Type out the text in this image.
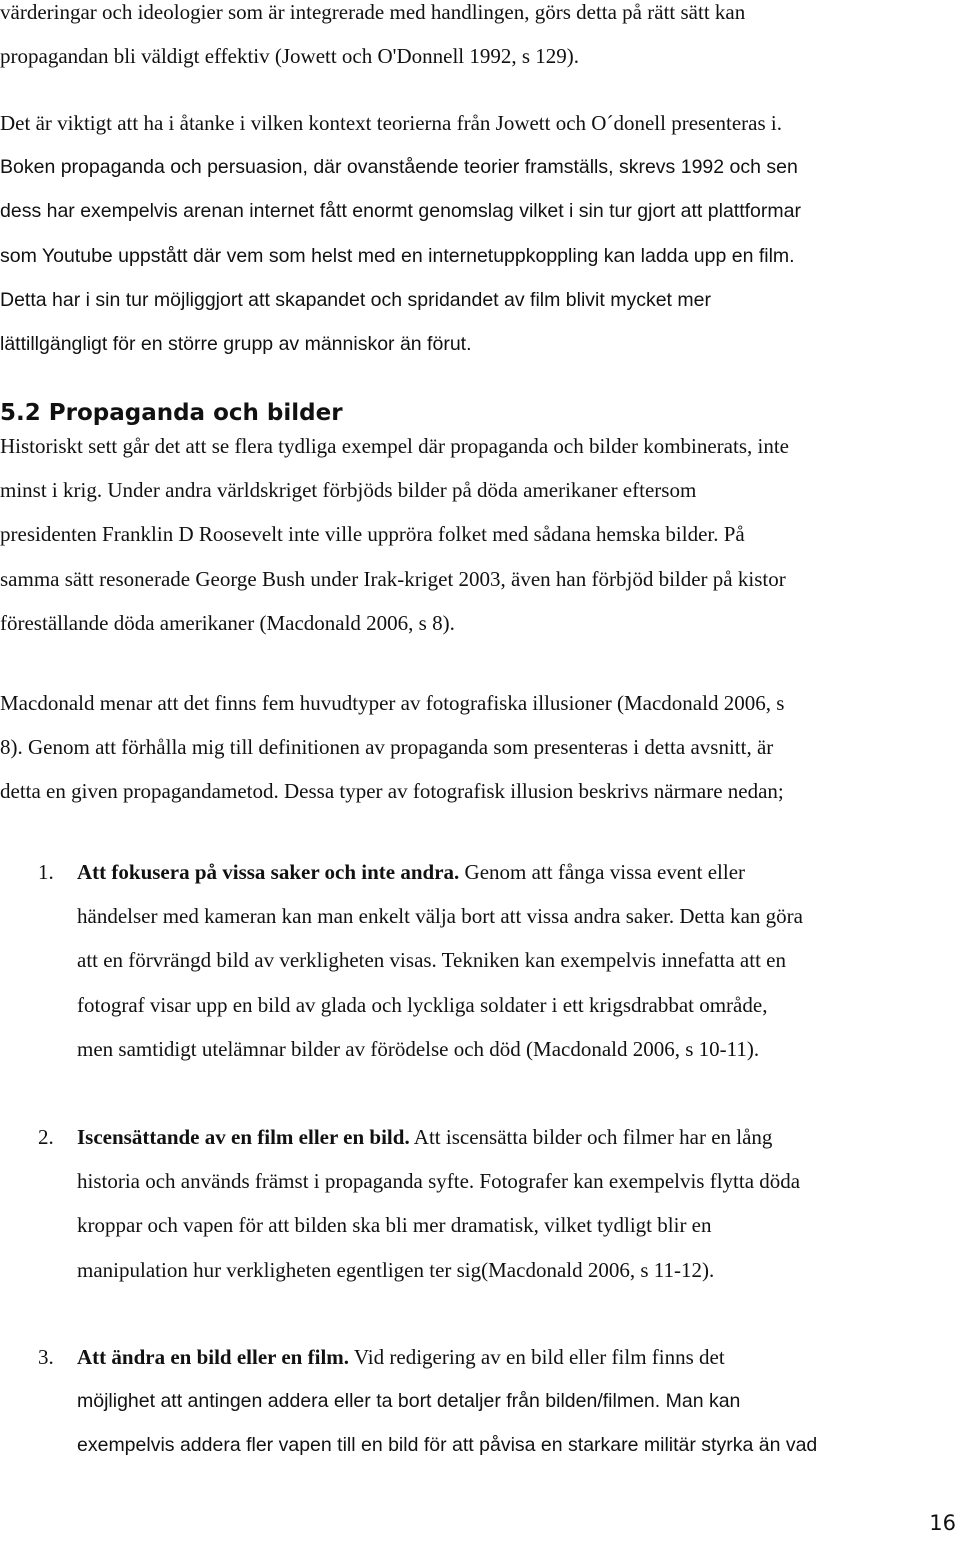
värderingar och ideologier som är integrerade med handlingen, görs detta på rätt sätt kan
propagandan bli väldigt effektiv (Jowett och O'Donnell 1992, s 129).

Det är viktigt att ha i åtanke i vilken kontext teorierna från Jowett och O´donell presenteras i.
Boken propaganda och persuasion, där ovanstående teorier framställs, skrevs 1992 och sen
dess har exempelvis arenan internet fått enormt genomslag vilket i sin tur gjort att plattformar
som Youtube uppstått där vem som helst med en internetuppkoppling kan ladda upp en film.
Detta har i sin tur möjliggjort att skapandet och spridandet av film blivit mycket mer
lättillgängligt för en större grupp av människor än förut.

5.2 Propaganda och bilder

Historiskt sett går det att se flera tydliga exempel där propaganda och bilder kombinerats, inte
minst i krig. Under andra världskriget förbjöds bilder på döda amerikaner eftersom
presidenten Franklin D Roosevelt inte ville uppröra folket med sådana hemska bilder. På
samma sätt resonerade George Bush under Irak-kriget 2003, även han förbjöd bilder på kistor
föreställande döda amerikaner (Macdonald 2006, s 8).

Macdonald menar att det finns fem huvudtyper av fotografiska illusioner (Macdonald 2006, s
8). Genom att förhålla mig till definitionen av propaganda som presenteras i detta avsnitt, är
detta en given propagandametod. Dessa typer av fotografisk illusion beskrivs närmare nedan;

1. Att fokusera på vissa saker och inte andra. Genom att fånga vissa event eller
händelser med kameran kan man enkelt välja bort att vissa andra saker. Detta kan göra
att en förvrängd bild av verkligheten visas. Tekniken kan exempelvis innefatta att en
fotograf visar upp en bild av glada och lyckliga soldater i ett krigsdrabbat område,
men samtidigt utelämnar bilder av förödelse och död (Macdonald 2006, s 10-11).
2. Iscensättande av en film eller en bild. Att iscensätta bilder och filmer har en lång
historia och används främst i propaganda syfte. Fotografer kan exempelvis flytta döda
kroppar och vapen för att bilden ska bli mer dramatisk, vilket tydligt blir en
manipulation hur verkligheten egentligen ter sig(Macdonald 2006, s 11-12).
3. Att ändra en bild eller en film. Vid redigering av en bild eller film finns det
möjlighet att antingen addera eller ta bort detaljer från bilden/filmen. Man kan
exempelvis addera fler vapen till en bild för att påvisa en starkare militär styrka än vad
16
